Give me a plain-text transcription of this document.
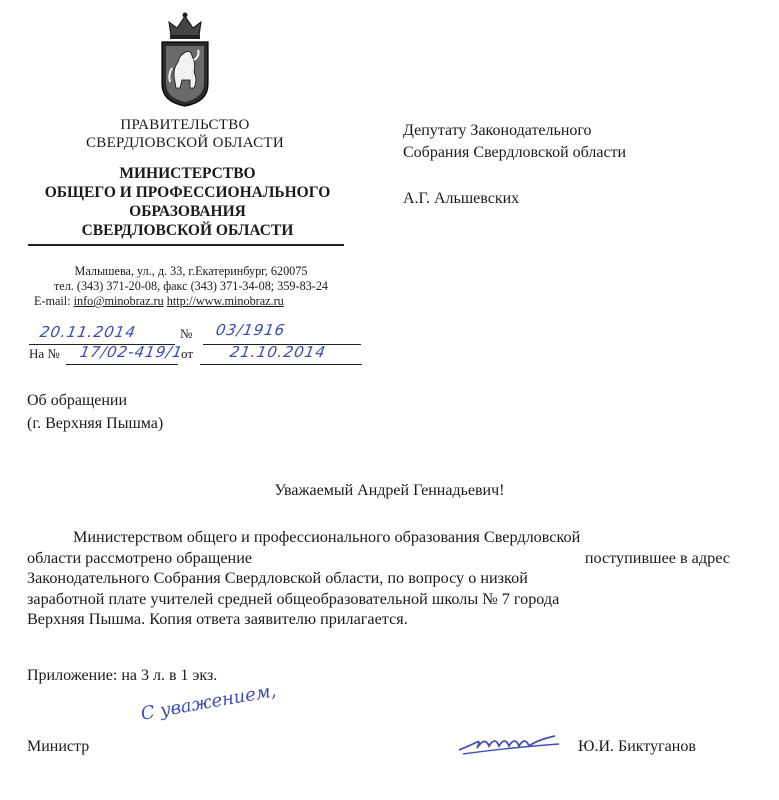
ПРАВИТЕЛЬСТВО
СВЕРДЛОВСКОЙ ОБЛАСТИ
МИНИСТЕРСТВО
ОБЩЕГО И ПРОФЕССИОНАЛЬНОГО
ОБРАЗОВАНИЯ
СВЕРДЛОВСКОЙ ОБЛАСТИ
Малышева, ул., д. 33, г.Екатеринбург, 620075
тел. (343) 371-20-08, факс (343) 371-34-08; 359-83-24
E-mail: info@minobraz.ru http://www.minobraz.ru
20.11.2014	№ 03/1916
На № 17/02-419/1
от 21.10.2014
Депутату Законодательного
Собрания Свердловской области
А.Г. Альшевских
Об обращении
(г. Верхняя Пышма)
Уважаемый Андрей Геннадьевич!
Министерством общего и профессионального образования Свердловской
области рассмотрено обращение	поступившее в адрес
Законодательного Собрания Свердловской области, по вопросу о низкой
заработной плате учителей средней общеобразовательной школы № 7 города
Верхняя Пышма. Копия ответа заявителю прилагается.
Приложение: на 3 л. в 1 экз.
С уважением,
Министр	Ю.И. Биктуганов
